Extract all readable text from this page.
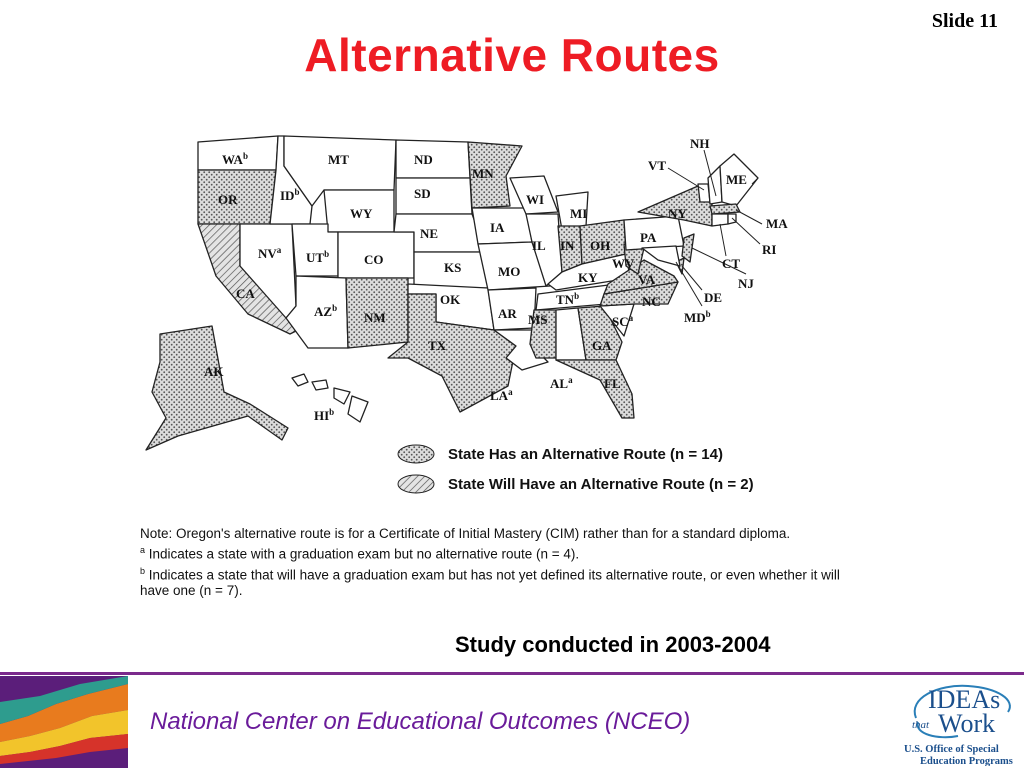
Slide 11
Alternative Routes
$WA^b$
OR
CA
$NV^a$
$ID^b$
MT
WY
$UT^b$	CO
$AZ^b$
NM
ND
SD
NE
KS
OK
TX
MN
IA
MO
AR
$LA^a$
WI
IL
MI
IN OH
KY
$TN^b$
MS
$AL^a$
GA
FL
$SC^a$
NC
VA
WV
PA
NY
VT
NH
ME
MA
RI
CT
NJ
DE
$MD^b$
AK
$HI^b$
State Has an Alternative Route (n = 14)
State Will Have an Alternative Route (n = 2)

Note: Oregon's alternative route is for a Certificate of Initial Mastery (CIM) rather than for a standard diploma.

$^a$ Indicates a state with a graduation exam but no alternative route (n = 4).

$^b$ Indicates a state that will have a graduation exam but has not yet defined its alternative route, or even whether it will have one (n = 7).

Study conducted in 2003-2004
National Center on Educational Outcomes (NCEO)
IDEAs
that Work
U.S. Office of Special
Education Programs
